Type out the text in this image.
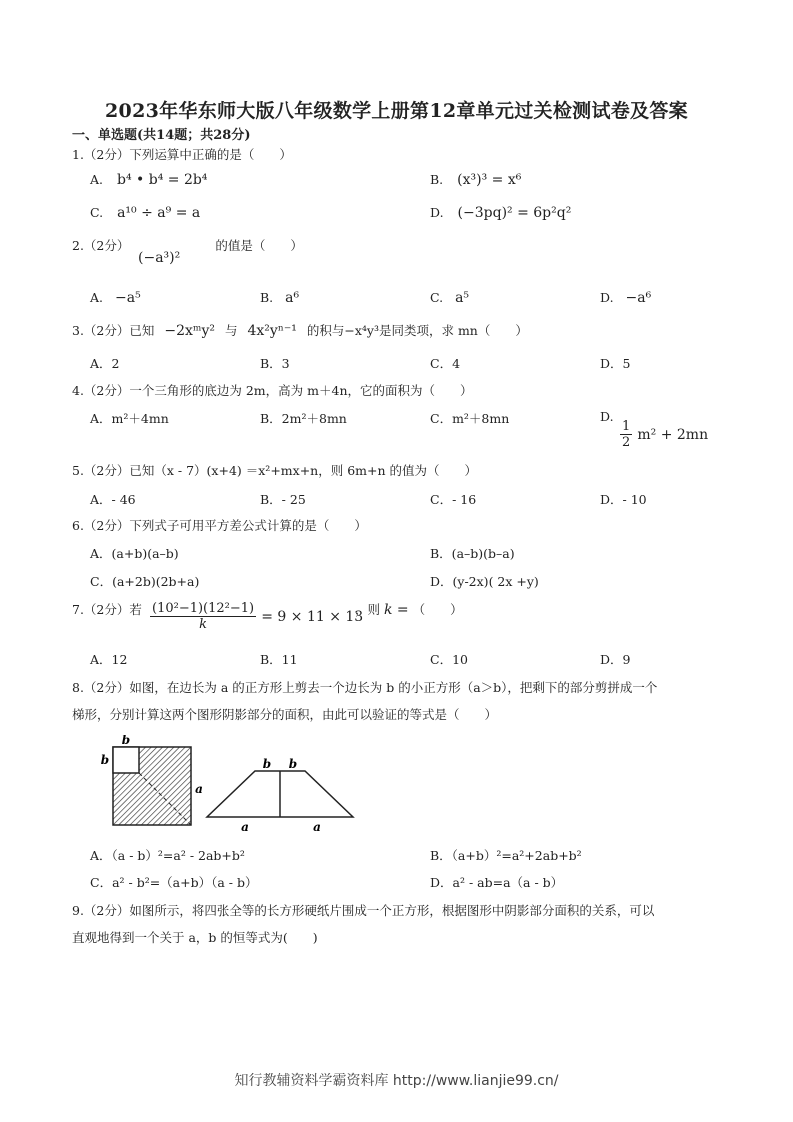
2023年华东师大版八年级数学上册第12章单元过关检测试卷及答案
一、单选题(共14题；共28分)
1.（2分）下列运算中正确的是（　　）
A. b⁴ • b⁴ = 2b⁴	B. (x³)³ = x⁶
C. a¹⁰ ÷ a⁹ = a	D. (−3pq)² = 6p²q²
2.（2分）	的值是（　　）
(−a³)²
A. −a⁵	B. a⁶	C. a⁵	D. −a⁶
3.（2分）已知 −2xᵐy² 与 4x²yⁿ⁻¹ 的积与−x⁴y³是同类项，求 mn（　　）
A．2	B．3	C．4	D．5
4.（2分）一个三角形的底边为 2m，高为 m＋4n，它的面积为（　　）
A．m²＋4mn	B．2m²＋8mn	C．m²＋8mn	D.
$\frac{1}{2} m^2 + 2mn$
5.（2分）已知（x - 7）(x+4) ＝x²+mx+n，则 6m+n 的值为（　　）
A．- 46	B．- 25	C．- 16	D．- 10
6.（2分）下列式子可用平方差公式计算的是（　　）
A．(a+b)(a–b)	B．(a–b)(b–a)
C．(a+2b)(2b+a)	D．(y-2x)( 2x +y)
7.（2分）若 $\frac{\text{(10²−1)(12²−1)}}{k} = 9 \times 11 \times 13$
，则 k = （　　）
A．12	B．11	C．10	D．9
8.（2分）如图，在边长为 a 的正方形上剪去一个边长为 b 的小正方形（a＞b），把剩下的部分剪拼成一个
梯形，分别计算这两个图形阴影部分的面积，由此可以验证的等式是（　　）
b
b
a
b b
a	a
A．（a - b）²=a² - 2ab+b²	B．（a+b）²=a²+2ab+b²
C．a² - b²=（a+b）（a - b）	D．a² - ab=a（a - b）
9.（2分）如图所示，将四张全等的长方形硬纸片围成一个正方形，根据图形中阴影部分面积的关系，可以
直观地得到一个关于 a，b 的恒等式为(　　)
知行教辅资料学霸资料库 http://www.lianjie99.cn/
